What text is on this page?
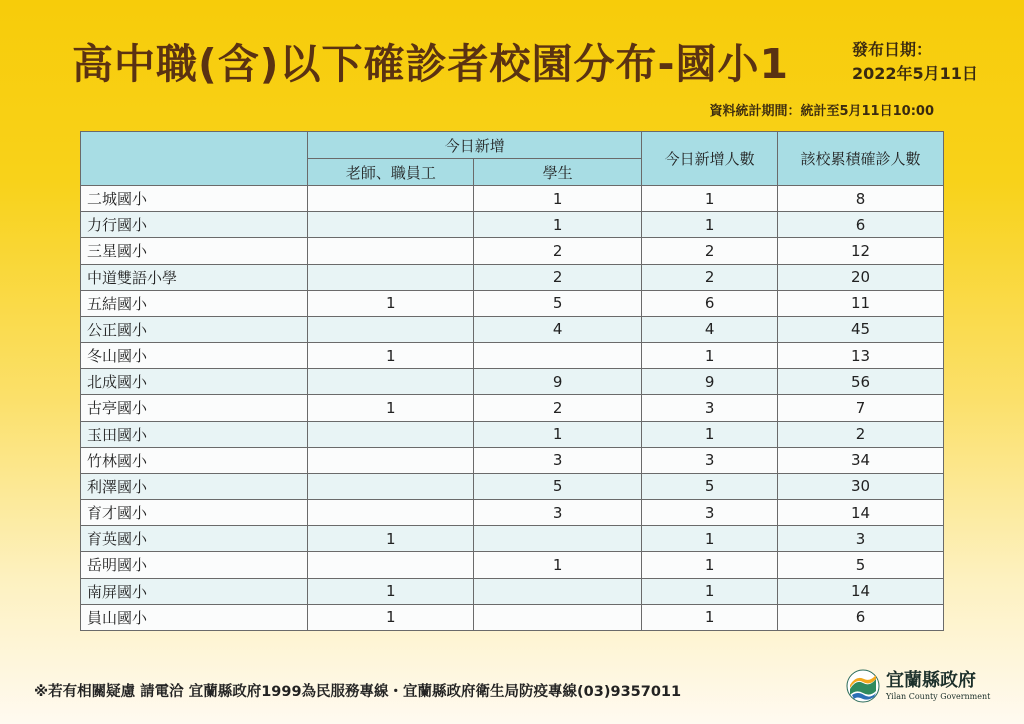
高中職(含)以下確診者校園分布-國小1	發布日期：
2022年5月11日
資料統計期間：統計至5月11日10:00
	今日新增		今日新增人數	該校累積確診人數
	老師、職員工	學生		
二城國小		1	1	8
力行國小		1	1	6
三星國小		2	2	12
中道雙語小學		2	2	20
五結國小	1	5	6	11
公正國小		4	4	45
冬山國小	1		1	13
北成國小		9	9	56
古亭國小	1	2	3	7
玉田國小		1	1	2
竹林國小		3	3	34
利澤國小		5	5	30
育才國小		3	3	14
育英國小	1		1	3
岳明國小		1	1	5
南屏國小	1		1	14
員山國小	1		1	6
※若有相關疑慮 請電洽 宜蘭縣政府1999為民服務專線・宜蘭縣政府衛生局防疫專線(03)9357011
宜蘭縣政府
Yilan County Government
